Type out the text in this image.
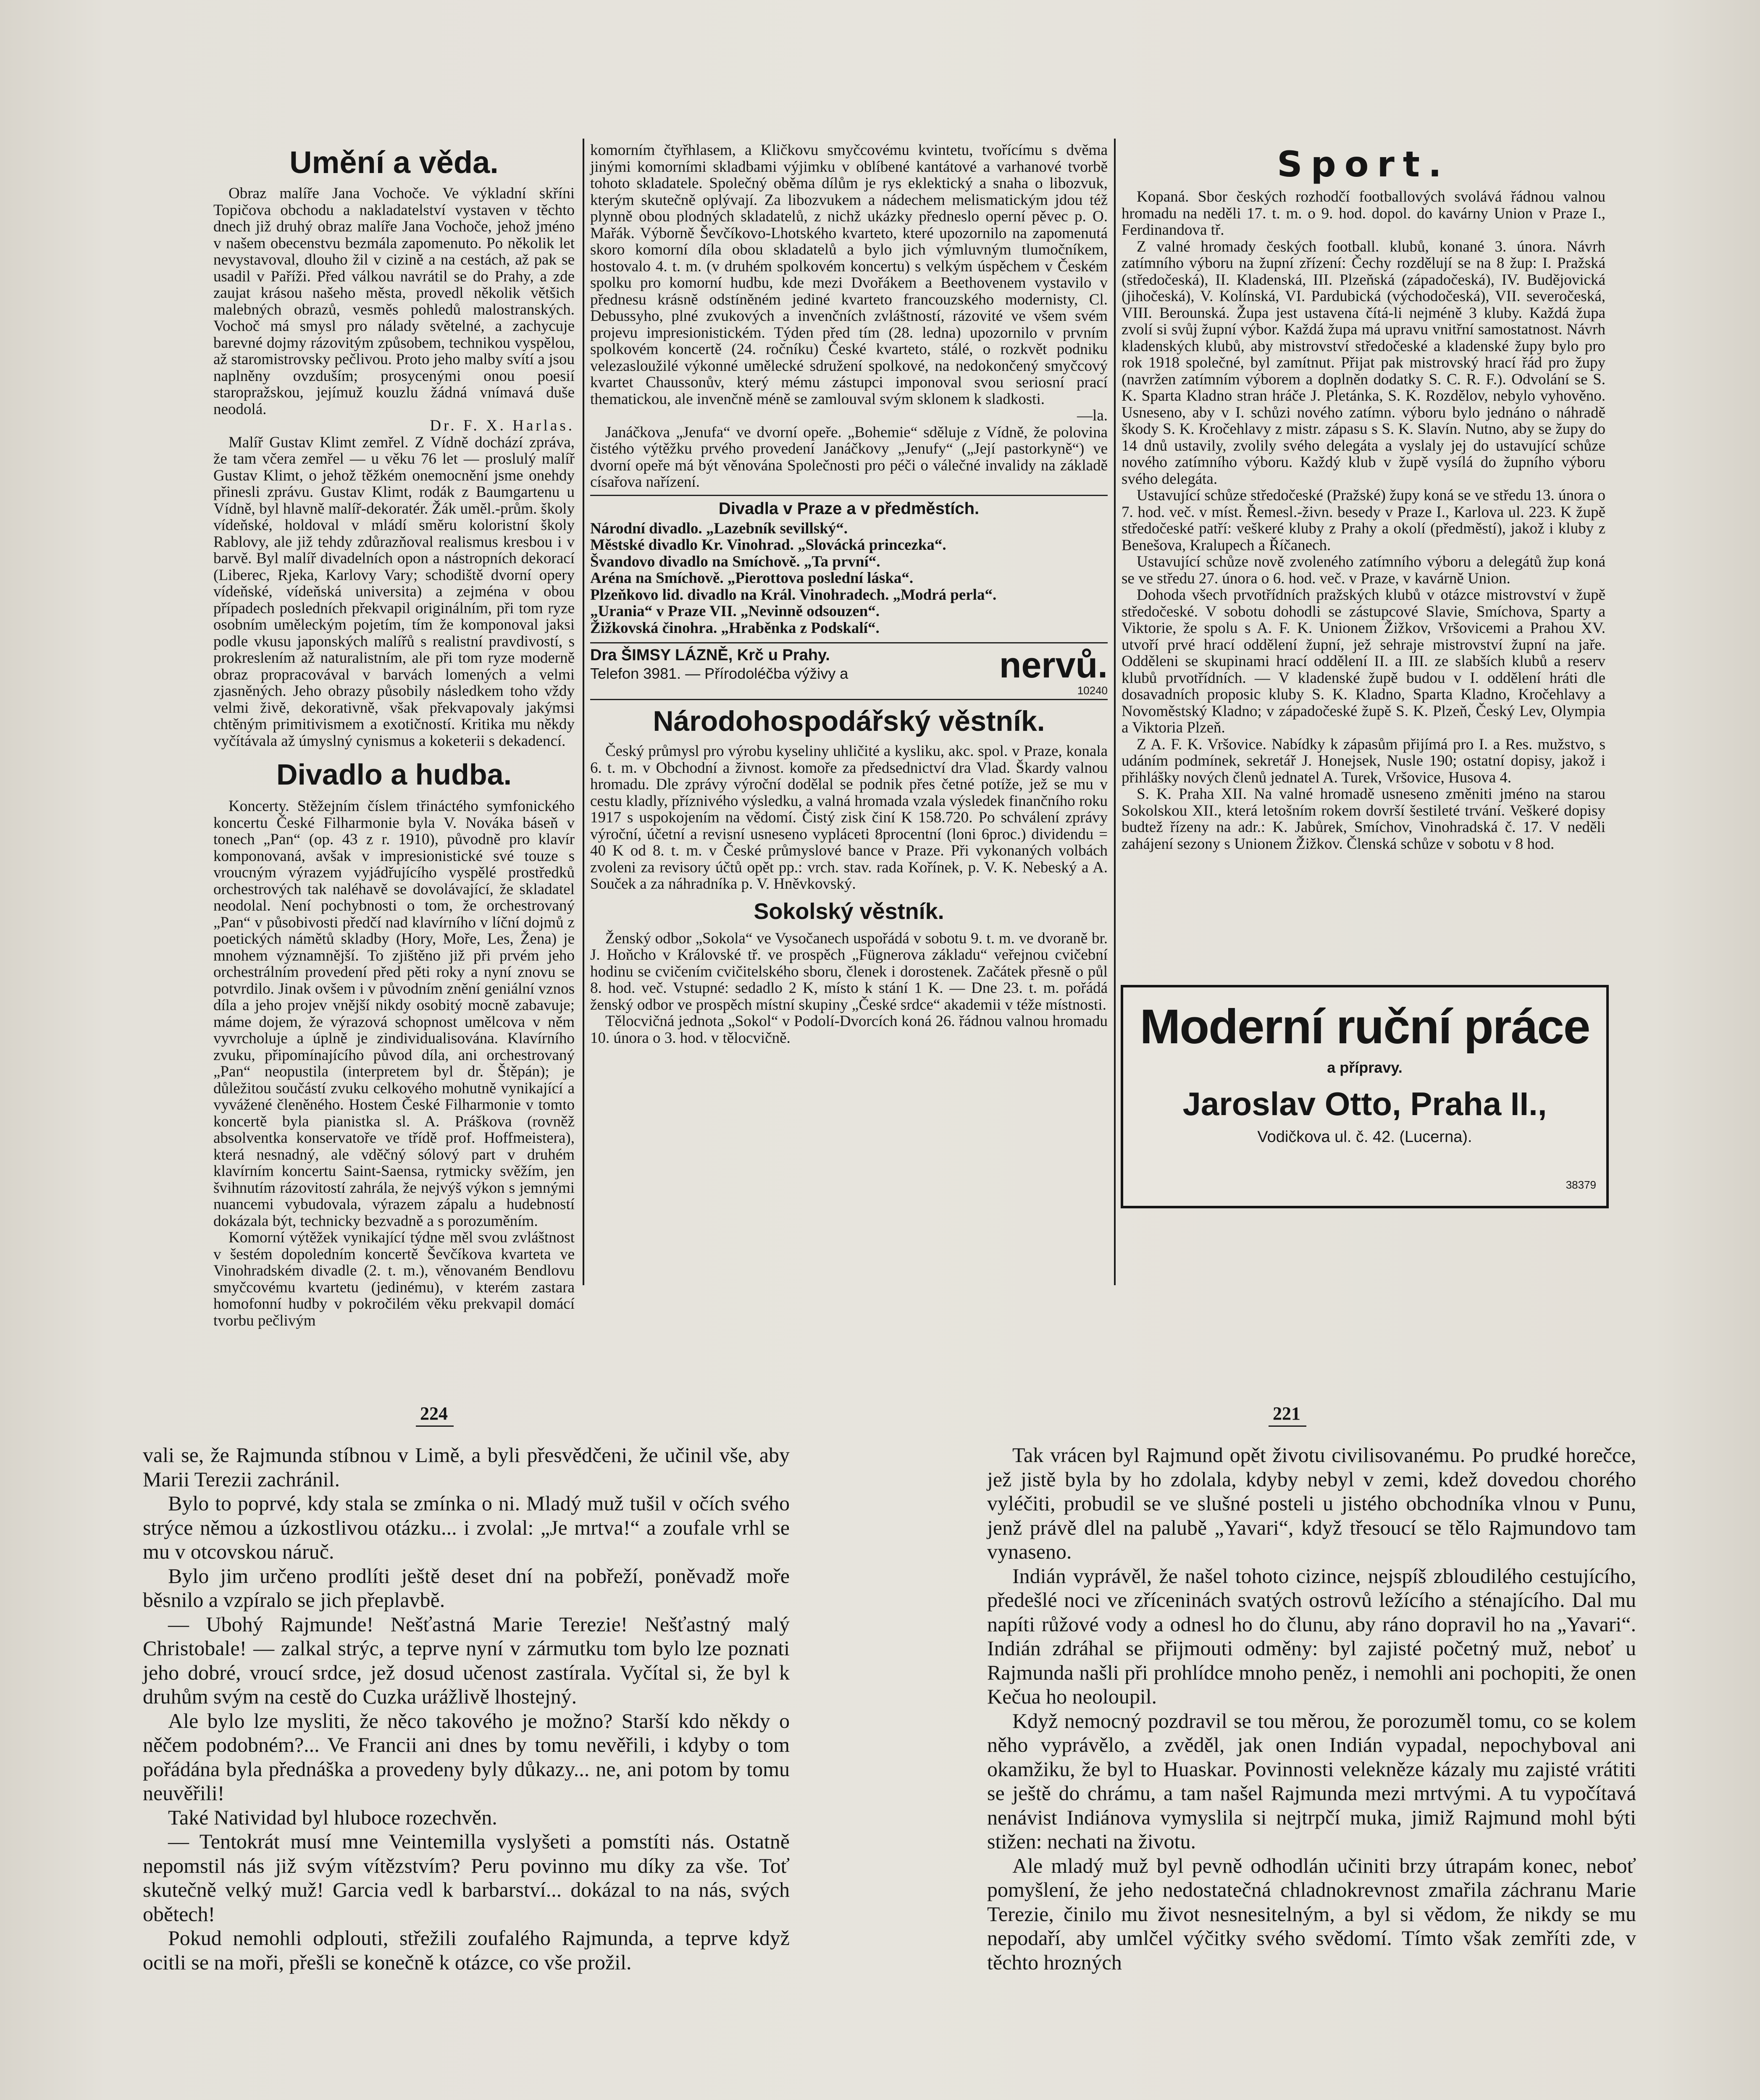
Umění a věda.

Obraz malíře Jana Vochoče. Ve výkladní skříni Topičova obchodu a nakladatelství vystaven v těchto dnech již druhý obraz malíře Jana Vochoče, jehož jméno v našem obecenstvu bezmála zapomenuto. Po několik let nevystavoval, dlouho žil v cizině a na cestách, až pak se usadil v Paříži. Před válkou navrátil se do Prahy, a zde zaujat krásou našeho města, provedl několik většich malebných obrazů, vesměs pohledů malostranských. Vochoč má smysl pro nálady světelné, a zachycuje barevné dojmy rázovitým způsobem, technikou vyspělou, až staromistrovsky pečlivou. Proto jeho malby svítí a jsou naplněny ovzduším; prosycenými onou poesií staropražskou, jejímuž kouzlu žádná vnímavá duše neodolá.

Dr. F. X. Harlas.

Malíř Gustav Klimt zemřel. Z Vídně dochází zpráva, že tam včera zemřel — u věku 76 let — proslulý malíř Gustav Klimt, o jehož těžkém onemocnění jsme onehdy přinesli zprávu. Gustav Klimt, rodák z Baumgartenu u Vídně, byl hlavně malíř-dekoratér. Žák uměl.-prům. školy vídeňské, holdoval v mládí směru koloristní školy Rablovy, ale již tehdy zdůrazňoval realismus kresbou i v barvě. Byl malíř divadelních opon a nástropních dekorací (Liberec, Rjeka, Karlovy Vary; schodiště dvorní opery vídeňské, vídeňská universita) a zejména v obou případech posledních překvapil originálním, při tom ryze osobním uměleckým pojetím, tím že komponoval jaksi podle vkusu japonských malířů s realistní pravdivostí, s prokreslením až naturalistním, ale při tom ryze moderně obraz propracovával v barvách lomených a velmi zjasněných. Jeho obrazy působily následkem toho vždy velmi živě, dekorativně, však překvapovaly jakýmsi chtěným primitivismem a exotičností. Kritika mu někdy vyčítávala až úmyslný cynismus a koketerii s dekadencí.

Divadlo a hudba.

Koncerty. Stěžejním číslem třináctého symfonického koncertu České Filharmonie byla V. Nováka báseň v tonech „Pan“ (op. 43 z r. 1910), původně pro klavír komponovaná, avšak v impresionistické své touze s vroucným výrazem vyjádřujícího vyspělé prostředků orchestrových tak naléhavě se dovolávající, že skladatel neodolal. Není pochybnosti o tom, že orchestrovaný „Pan“ v působivosti předčí nad klavírního v líční dojmů z poetických námětů skladby (Hory, Moře, Les, Žena) je mnohem významnější. To zjištěno již při prvém jeho orchestrálním provedení před pěti roky a nyní znovu se potvrdilo. Jinak ovšem i v původním znění geniální vznos díla a jeho projev vnější nikdy osobitý mocně zabavuje; máme dojem, že výrazová schopnost umělcova v něm vyvrcholuje a úplně je zindividualisována. Klavírního zvuku, připomínajícího původ díla, ani orchestrovaný „Pan“ neopustila (interpretem byl dr. Štěpán); je důležitou součástí zvuku celkového mohutně vynikající a vyvážené členěného. Hostem České Filharmonie v tomto koncertě byla pianistka sl. A. Práškova (rovněž absolventka konservatoře ve třídě prof. Hoffmeistera), která nesnadný, ale vděčný sólový part v druhém klavírním koncertu Saint-Saensa, rytmicky svěžím, jen švihnutím rázovitostí zahrála, že nejvýš výkon s jemnými nuancemi vybudovala, výrazem zápalu a hudebností dokázala být, technicky bezvadně a s porozuměním.

Komorní výtěžek vynikající týdne měl svou zvláštnost v šestém dopoledním koncertě Ševčíkova kvarteta ve Vinohradském divadle (2. t. m.), věnovaném Bendlovu smyčcovému kvartetu (jedinému), v kterém zastara homofonní hudby v pokročilém věku prekvapil domácí tvorbu pečlivým

komorním čtyřhlasem, a Kličkovu smyčcovému kvintetu, tvořícímu s dvěma jinými komorními skladbami výjimku v oblíbené kantátové a varhanové tvorbě tohoto skladatele. Společný oběma dílům je rys eklektický a snaha o libozvuk, kterým skutečně oplývají. Za libozvukem a nádechem melismatickým jdou též plynně obou plodných skladatelů, z nichž ukázky předneslo operní pěvec p. O. Mařák. Výborně Ševčíkovo-Lhotského kvarteto, které upozornilo na zapomenutá skoro komorní díla obou skladatelů a bylo jich výmluvným tlumočníkem, hostovalo 4. t. m. (v druhém spolkovém koncertu) s velkým úspěchem v Českém spolku pro komorní hudbu, kde mezi Dvořákem a Beethovenem vystavilo v přednesu krásně odstíněném jediné kvarteto francouzského modernisty, Cl. Debussyho, plné zvukových a invenčních zvláštností, rázovité ve všem svém projevu impresionistickém. Týden před tím (28. ledna) upozornilo v prvním spolkovém koncertě (24. ročníku) České kvarteto, stálé, o rozkvět podniku velezasloužilé výkonné umělecké sdružení spolkové, na nedokončený smyčcový kvartet Chaussonův, který mému zástupci imponoval svou seriosní prací thematickou, ale invenčně méně se zamlouval svým sklonem k sladkosti.

—la.

Janáčkova „Jenufa“ ve dvorní opeře. „Bohemie“ sděluje z Vídně, že polovina čistého výtěžku prvého provedení Janáčkovy „Jenufy“ („Její pastorkyně“) ve dvorní opeře má být věnována Společnosti pro péči o válečné invalidy na základě císařova nařízení.

Divadla v Praze a v předměstích.

Národní divadlo. „Lazebník sevillský“.

Městské divadlo Kr. Vinohrad. „Slovácká princezka“.

Švandovo divadlo na Smíchově. „Ta první“.

Aréna na Smíchově. „Pierottova poslední láska“.

Plzeňkovo lid. divadlo na Král. Vinohradech. „Modrá perla“.

„Urania“ v Praze VII. „Nevinně odsouzen“.

Žižkovská činohra. „Hraběnka z Podskalí“.

Dra ŠIMSY LÁZNĚ, Krč u Prahy.
Telefon 3981. — Přírodoléčba výživy a	nervů.
10240
Národohospodářský věstník.

Český průmysl pro výrobu kyseliny uhličité a kysliku, akc. spol. v Praze, konala 6. t. m. v Obchodní a živnost. komoře za předsednictví dra Vlad. Škardy valnou hromadu. Dle zprávy výroční dodělal se podnik přes četné potíže, jež se mu v cestu kladly, příznivého výsledku, a valná hromada vzala výsledek finančního roku 1917 s uspokojením na vědomí. Čistý zisk činí K 158.720. Po schválení zprávy výroční, účetní a revisní usneseno vypláceti 8procentní (loni 6proc.) dividendu = 40 K od 8. t. m. v České průmyslové bance v Praze. Při vykonaných volbách zvoleni za revisory účtů opět pp.: vrch. stav. rada Kořínek, p. V. K. Nebeský a A. Souček a za náhradníka p. V. Hněvkovský.

Sokolský věstník.

Ženský odbor „Sokola“ ve Vysočanech uspořádá v sobotu 9. t. m. ve dvoraně br. J. Hoňcho v Královské tř. ve prospěch „Fügnerova základu“ veřejnou cvičební hodinu se cvičením cvičitelského sboru, členek i dorostenek. Začátek přesně o půl 8. hod. več. Vstupné: sedadlo 2 K, místo k stání 1 K. — Dne 23. t. m. pořádá ženský odbor ve prospěch místní skupiny „České srdce“ akademii v téže místnosti.

Tělocvičná jednota „Sokol“ v Podolí-Dvorcích koná 26. řádnou valnou hromadu 10. února o 3. hod. v tělocvičně.

Sport.

Kopaná. Sbor českých rozhodčí footballových svolává řádnou valnou hromadu na neděli 17. t. m. o 9. hod. dopol. do kavárny Union v Praze I., Ferdinandova tř.

Z valné hromady českých football. klubů, konané 3. února. Návrh zatímního výboru na župní zřízení: Čechy rozdělují se na 8 žup: I. Pražská (středočeská), II. Kladenská, III. Plzeňská (západočeská), IV. Budějovická (jihočeská), V. Kolínská, VI. Pardubická (východočeská), VII. severočeská, VIII. Berounská. Župa jest ustavena čítá-li nejméně 3 kluby. Každá župa zvolí si svůj župní výbor. Každá župa má upravu vnitřní samostatnost. Návrh kladenských klubů, aby mistrovství středočeské a kladenské župy bylo pro rok 1918 společné, byl zamítnut. Přijat pak mistrovský hrací řád pro župy (navržen zatímním výborem a doplněn dodatky S. C. R. F.). Odvolání se S. K. Sparta Kladno stran hráče J. Pletánka, S. K. Rozdělov, nebylo vyhověno. Usneseno, aby v I. schůzi nového zatímn. výboru bylo jednáno o náhradě škody S. K. Kročehlavy z mistr. zápasu s S. K. Slavín. Nutno, aby se župy do 14 dnů ustavily, zvolily svého delegáta a vyslaly jej do ustavující schůze nového zatímního výboru. Každý klub v župě vysílá do župního výboru svého delegáta.

Ustavující schůze středočeské (Pražské) župy koná se ve středu 13. února o 7. hod. več. v míst. Řemesl.-živn. besedy v Praze I., Karlova ul. 223. K župě středočeské patří: veškeré kluby z Prahy a okolí (předměstí), jakož i kluby z Benešova, Kralupech a Říčanech.

Ustavující schůze nově zvoleného zatímního výboru a delegátů žup koná se ve středu 27. února o 6. hod. več. v Praze, v kavárně Union.

Dohoda všech prvotřídních pražských klubů v otázce mistrovství v župě středočeské. V sobotu dohodli se zástupcové Slavie, Smíchova, Sparty a Viktorie, že spolu s A. F. K. Unionem Žižkov, Vršovicemi a Prahou XV. utvoří prvé hrací oddělení župní, jež sehraje mistrovství župní na jaře. Odděleni se skupinami hrací oddělení II. a III. ze slabších klubů a reserv klubů prvotřídních. — V kladenské župě budou v I. oddělení hráti dle dosavadních proposic kluby S. K. Kladno, Sparta Kladno, Kročehlavy a Novoměstský Kladno; v západočeské župě S. K. Plzeň, Český Lev, Olympia a Viktoria Plzeň.

Z A. F. K. Vršovice. Nabídky k zápasům přijímá pro I. a Res. mužstvo, s udáním podmínek, sekretář J. Honejsek, Nusle 190; ostatní dopisy, jakož i přihlášky nových členů jednatel A. Turek, Vršovice, Husova 4.

S. K. Praha XII. Na valné hromadě usneseno změniti jméno na starou Sokolskou XII., která letošním rokem dovrší šestileté trvání. Veškeré dopisy budtež řízeny na adr.: K. Jabůrek, Smíchov, Vinohradská č. 17. V neděli zahájení sezony s Unionem Žižkov. Členská schůze v sobotu v 8 hod.

Moderní ruční práce
a přípravy.
Jaroslav Otto, Praha II.,
Vodičkova ul. č. 42. (Lucerna).
38379
224	221

vali se, že Rajmunda stíbnou v Limě, a byli přesvědčeni, že učinil vše, aby Marii Terezii zachránil.

Bylo to poprvé, kdy stala se zmínka o ni. Mladý muž tušil v očích svého strýce němou a úzkostlivou otázku... i zvolal: „Je mrtva!“ a zoufale vrhl se mu v otcovskou náruč.

Bylo jim určeno prodlíti ještě deset dní na pobřeží, poněvadž moře běsnilo a vzpíralo se jich přeplavbě.

— Ubohý Rajmunde! Nešťastná Marie Terezie! Nešťastný malý Christobale! — zalkal strýc, a teprve nyní v zármutku tom bylo lze poznati jeho dobré, vroucí srdce, jež dosud učenost zastírala. Vyčítal si, že byl k druhům svým na cestě do Cuzka urážlivě lhostejný.

Ale bylo lze mysliti, že něco takového je možno? Starší kdo někdy o něčem podobném?... Ve Francii ani dnes by tomu nevěřili, i kdyby o tom pořádána byla přednáška a provedeny byly důkazy... ne, ani potom by tomu neuvěřili!

Také Natividad byl hluboce rozechvěn.

— Tentokrát musí mne Veintemilla vyslyšeti a pomstíti nás. Ostatně nepomstil nás již svým vítězstvím? Peru povinno mu díky za vše. Toť skutečně velký muž! Garcia vedl k barbarství... dokázal to na nás, svých obětech!

Pokud nemohli odplouti, střežili zoufalého Rajmunda, a teprve když ocitli se na moři, přešli se konečně k otázce, co vše prožil.

Tak vrácen byl Rajmund opět životu civilisovanému. Po prudké horečce, jež jistě byla by ho zdolala, kdyby nebyl v zemi, kdež dovedou chorého vyléčiti, probudil se ve slušné posteli u jistého obchodníka vlnou v Punu, jenž právě dlel na palubě „Yavari“, když třesoucí se tělo Rajmundovo tam vynaseno.

Indián vyprávěl, že našel tohoto cizince, nejspíš zbloudilého cestujícího, předešlé noci ve zříceninách svatých ostrovů ležícího a sténajícího. Dal mu napíti růžové vody a odnesl ho do člunu, aby ráno dopravil ho na „Yavari“. Indián zdráhal se přijmouti odměny: byl zajisté početný muž, neboť u Rajmunda našli při prohlídce mnoho peněz, i nemohli ani pochopiti, že onen Kečua ho neoloupil.

Když nemocný pozdravil se tou měrou, že porozuměl tomu, co se kolem něho vyprávělo, a zvěděl, jak onen Indián vypadal, nepochyboval ani okamžiku, že byl to Huaskar. Povinnosti velekněze kázaly mu zajisté vrátiti se ještě do chrámu, a tam našel Rajmunda mezi mrtvými. A tu vypočítavá nenávist Indiánova vymyslila si nejtrpčí muka, jimiž Rajmund mohl býti stižen: nechati na životu.

Ale mladý muž byl pevně odhodlán učiniti brzy útrapám konec, neboť pomyšlení, že jeho nedostatečná chladnokrevnost zmařila záchranu Marie Terezie, činilo mu život nesnesitelným, a byl si vědom, že nikdy se mu nepodaří, aby umlčel výčitky svého svědomí. Tímto však zemříti zde, v těchto hrozných
